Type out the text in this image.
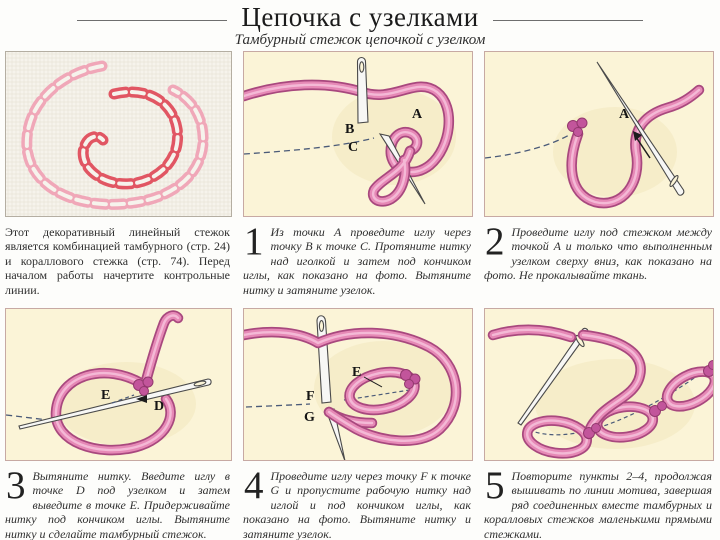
Цепочка с узелками
Тамбурный стежок цепочкой с узелком
Этот декоративный линейный стежок является комбинацией тамбурного (стр. 24) и кораллового стежка (стр. 74). Перед началом работы начертите контрольные линии.
B
A
C
1 Из точки A проведите иглу через точку B к точке C. Протяните нитку над иголкой и затем под кончиком иглы, как показано на фото. Вытяните нитку и затяните узелок.
A
2 Проведите иглу под стежком между точкой A и только что выполненным узелком сверху вниз, как показано на фото. Не прокалывайте ткань.
E
D
3 Вытяните нитку. Введите иглу в точке D под узелком и затем выведите в точке E. Придерживайте нитку под кончиком иглы. Вытяните нитку и сделайте тамбурный стежок.
E
F
G
4 Проведите иглу через точку F к точке G и пропустите рабочую нитку над иглой и под кончиком иглы, как показано на фото. Вытяните нитку и затяните узелок.
5 Повторите пункты 2–4, продолжая вышивать по линии мотива, завершая ряд соединенных вместе тамбурных и коралловых стежков маленькими прямыми стежками.
